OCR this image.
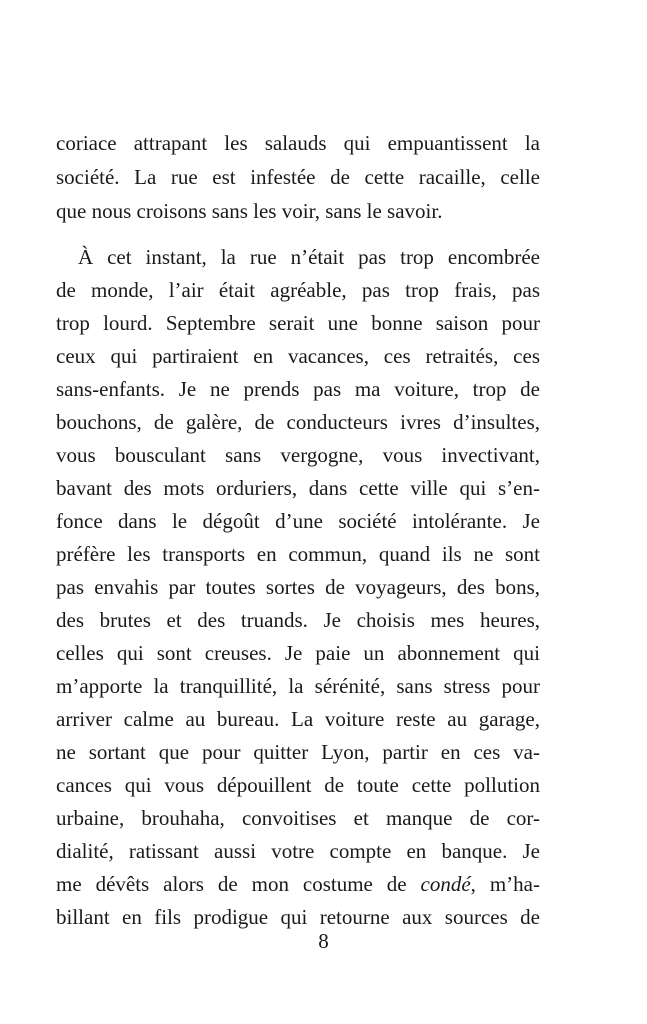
coriace attrapant les salauds qui empuantissent la
société. La rue est infestée de cette racaille, celle
que nous croisons sans les voir, sans le savoir.
À cet instant, la rue n’était pas trop encombrée
de monde, l’air était agréable, pas trop frais, pas
trop lourd. Septembre serait une bonne saison pour
ceux qui partiraient en vacances, ces retraités, ces
sans-enfants. Je ne prends pas ma voiture, trop de
bouchons, de galère, de conducteurs ivres d’insultes,
vous bousculant sans vergogne, vous invectivant,
bavant des mots orduriers, dans cette ville qui s’en-
fonce dans le dégoût d’une société intolérante. Je
préfère les transports en commun, quand ils ne sont
pas envahis par toutes sortes de voyageurs, des bons,
des brutes et des truands. Je choisis mes heures,
celles qui sont creuses. Je paie un abonnement qui
m’apporte la tranquillité, la sérénité, sans stress pour
arriver calme au bureau. La voiture reste au garage,
ne sortant que pour quitter Lyon, partir en ces va-
cances qui vous dépouillent de toute cette pollution
urbaine, brouhaha, convoitises et manque de cor-
dialité, ratissant aussi votre compte en banque. Je
me dévêts alors de mon costume de condé, m’ha-
billant en fils prodigue qui retourne aux sources de
8
